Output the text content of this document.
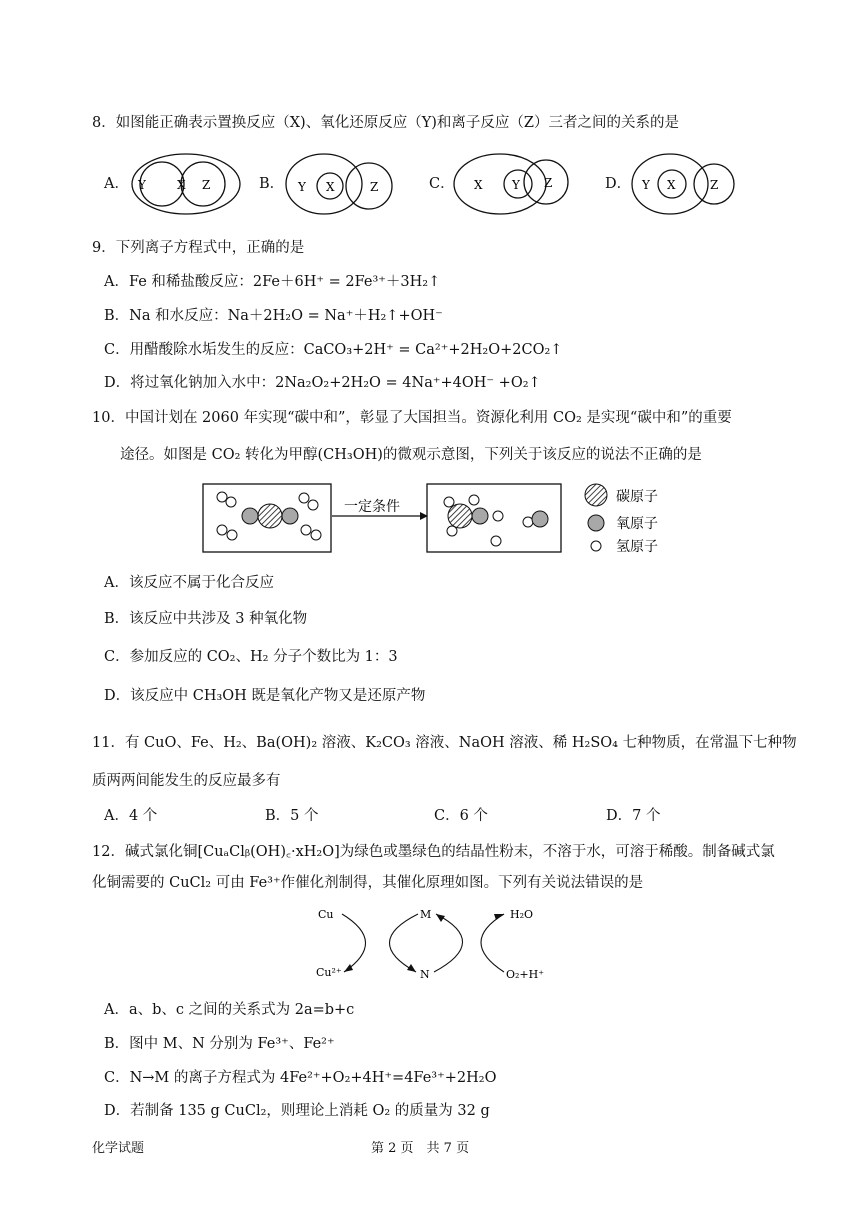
8．如图能正确表示置换反应（X)、氧化还原反应（Y)和离子反应（Z）三者之间的关系的是
A． Y	X Z	B． Y X	Z	C． X Y Z	D． Y X	Z
9．下列离子方程式中，正确的是
A．Fe 和稀盐酸反应：2Fe＋6H⁺ = 2Fe³⁺＋3H₂↑
B．Na 和水反应：Na＋2H₂O = Na⁺＋H₂↑+OH⁻
C．用醋酸除水垢发生的反应：CaCO₃+2H⁺ = Ca²⁺+2H₂O+2CO₂↑
D．将过氧化钠加入水中：2Na₂O₂+2H₂O = 4Na⁺+4OH⁻ +O₂↑
10．中国计划在 2060 年实现“碳中和”，彰显了大国担当。资源化利用 CO₂ 是实现“碳中和”的重要
途径。如图是 CO₂ 转化为甲醇(CH₃OH)的微观示意图，下列关于该反应的说法不正确的是
一定条件
碳原子
氧原子
氢原子
A．该反应不属于化合反应
B．该反应中共涉及 3 种氧化物
C．参加反应的 CO₂、H₂ 分子个数比为 1：3
D．该反应中 CH₃OH 既是氧化产物又是还原产物
11．有 CuO、Fe、H₂、Ba(OH)₂ 溶液、K₂CO₃ 溶液、NaOH 溶液、稀 H₂SO₄ 七种物质，在常温下七种物
质两两间能发生的反应最多有
A．4 个	B．5 个	C．6 个	D．7 个
12．碱式氯化铜[CuₐClᵦ(OH)꜀·xH₂O]为绿色或墨绿色的结晶性粉末，不溶于水，可溶于稀酸。制备碱式氯
化铜需要的 CuCl₂ 可由 Fe³⁺作催化剂制得，其催化原理如图。下列有关说法错误的是
Cu
Cu²⁺
M
N
H₂O
O₂+H⁺
A．a、b、c 之间的关系式为 2a=b+c
B．图中 M、N 分别为 Fe³⁺、Fe²⁺
C．N→M 的离子方程式为 4Fe²⁺+O₂+4H⁺=4Fe³⁺+2H₂O
D．若制备 135 g CuCl₂，则理论上消耗 O₂ 的质量为 32 g
化学试题	第 2 页　共 7 页
